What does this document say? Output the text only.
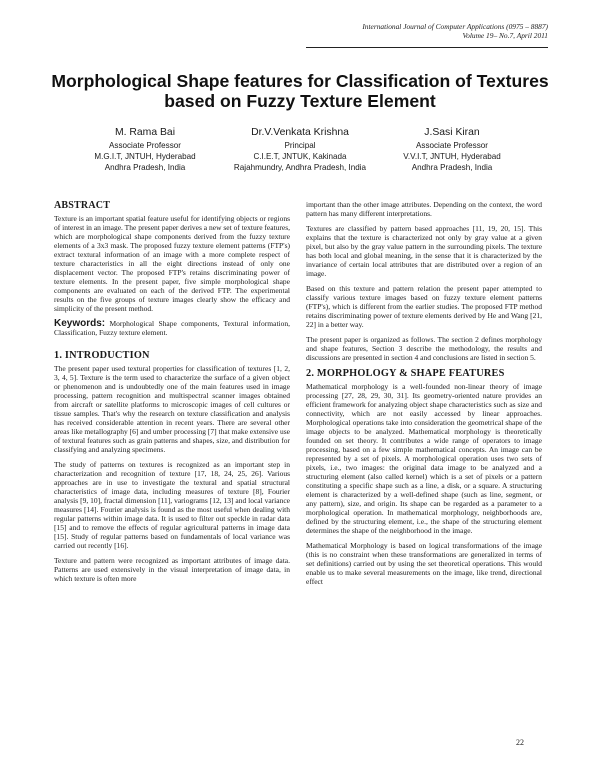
International Journal of Computer Applications (0975 – 8887)
Volume 19– No.7, April 2011
Morphological Shape features for Classification of Textures based on Fuzzy Texture Element
M. Rama Bai
Associate Professor
M.G.I.T, JNTUH, Hyderabad
Andhra Pradesh, India
Dr.V.Venkata Krishna
Principal
C.I.E.T, JNTUK, Kakinada
Rajahmundry, Andhra Pradesh, India
J.Sasi Kiran
Associate Professor
V.V.I.T, JNTUH, Hyderabad
Andhra Pradesh, India
ABSTRACT

Texture is an important spatial feature useful for identifying objects or regions of interest in an image. The present paper derives a new set of texture features, which are morphological shape components derived from the fuzzy texture elements of a 3x3 mask. The proposed fuzzy texture element patterns (FTP's) extract textural information of an image with a more complete respect of texture characteristics in all the eight directions instead of only one displacement vector. The proposed FTP's retains discriminating power of texture elements. In the present paper, five simple morphological shape components are evaluated on each of the derived FTP. The experimental results on the five groups of texture images clearly show the efficacy and simplicity of the present method.

Keywords: Morphological Shape components, Textural information, Classification, Fuzzy texture element.

1. INTRODUCTION

The present paper used textural properties for classification of textures [1, 2, 3, 4, 5]. Texture is the term used to characterize the surface of a given object or phenomenon and is undoubtedly one of the main features used in image processing, pattern recognition and multispectral scanner images obtained from aircraft or satellite platforms to microscopic images of cell cultures or tissue samples. That's why the research on texture classification and analysis has received considerable attention in recent years. There are several other areas like metallography [6] and umber processing [7] that make extensive use of textural features such as grain patterns and shapes, size, and distribution for classifying and analyzing specimens.

The study of patterns on textures is recognized as an important step in characterization and recognition of texture [17, 18, 24, 25, 26]. Various approaches are in use to investigate the textural and spatial structural characteristics of image data, including measures of texture [8], Fourier analysis [9, 10], fractal dimension [11], variograms [12, 13] and local variance measures [14]. Fourier analysis is found as the most useful when dealing with regular patterns within image data. It is used to filter out speckle in radar data [15] and to remove the effects of regular agricultural patterns in image data [15]. Study of regular patterns based on fundamentals of local variance was carried out recently [16].

Texture and pattern were recognized as important attributes of image data. Patterns are used extensively in the visual interpretation of image data, in which texture is often more

important than the other image attributes. Depending on the context, the word pattern has many different interpretations.

Textures are classified by pattern based approaches [11, 19, 20, 15]. This explains that the texture is characterized not only by gray value at a given pixel, but also by the gray value pattern in the surrounding pixels. The texture has both local and global meaning, in the sense that it is characterized by the invariance of certain local attributes that are distributed over a region of an image.

Based on this texture and pattern relation the present paper attempted to classify various texture images based on fuzzy texture element patterns (FTP's), which is different from the earlier studies. The proposed FTP method retains discriminating power of texture elements derived by He and Wang [21, 22] in a better way.

The present paper is organized as follows. The section 2 defines morphology and shape features, Section 3 describe the methodology, the results and discussions are presented in section 4 and conclusions are listed in section 5.

2. MORPHOLOGY & SHAPE FEATURES

Mathematical morphology is a well-founded non-linear theory of image processing [27, 28, 29, 30, 31]. Its geometry-oriented nature provides an efficient framework for analyzing object shape characteristics such as size and connectivity, which are not easily accessed by linear approaches. Morphological operations take into consideration the geometrical shape of the image objects to be analyzed. Mathematical morphology is theoretically founded on set theory. It contributes a wide range of operators to image processing, based on a few simple mathematical concepts. An image can be represented by a set of pixels. A morphological operation uses two sets of pixels, i.e., two images: the original data image to be analyzed and a structuring element (also called kernel) which is a set of pixels or a pattern constituting a specific shape such as a line, a disk, or a square. A structuring element is characterized by a well-defined shape (such as line, segment, or any pattern), size, and origin. Its shape can be regarded as a parameter to a morphological operation. In mathematical morphology, neighborhoods are, defined by the structuring element, i.e., the shape of the structuring element determines the shape of the neighborhood in the image.

Mathematical Morphology is based on logical transformations of the image (this is no constraint when these transformations are generalized in terms of set definitions) carried out by using the set theoretical operations. This would enable us to make several measurements on the image, like trend, directional effect

22
